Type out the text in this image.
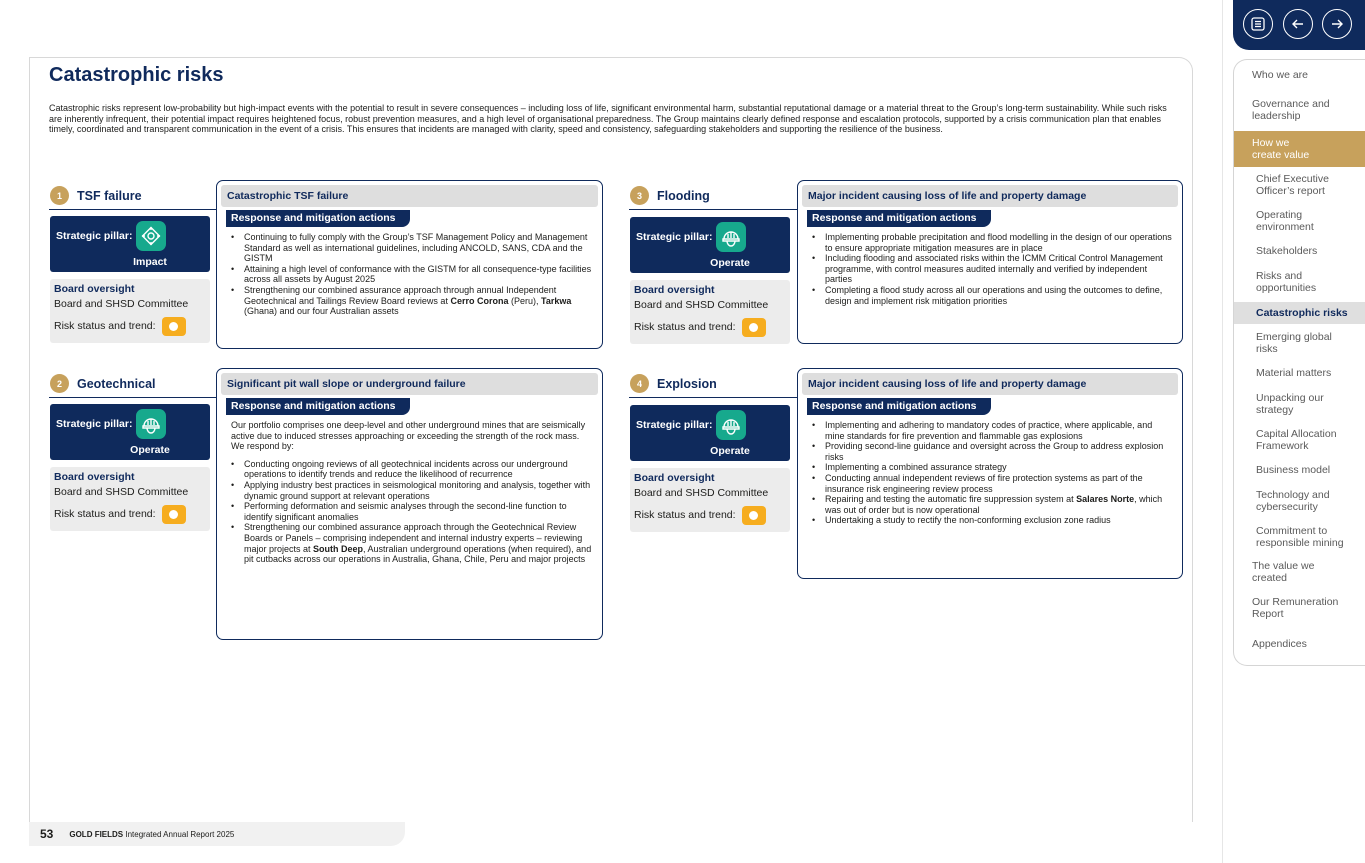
Catastrophic risks
Catastrophic risks represent low-probability but high-impact events with the potential to result in severe consequences – including loss of life, significant environmental harm, substantial reputational damage or a material threat to the Group’s long-term sustainability. While such risks are inherently infrequent, their potential impact requires heightened focus, robust prevention measures, and a high level of organisational preparedness. The Group maintains clearly defined response and escalation protocols, supported by a crisis communication plan that enables timely, coordinated and transparent communication in the event of a crisis. This ensures that incidents are managed with clarity, speed and consistency, safeguarding stakeholders and supporting the resilience of the business.
1	TSF failure
Strategic pillar:
Impact
Board oversight
Board and SHSD Committee
Risk status and trend:
Catastrophic TSF failure
Response and mitigation actions
• Continuing to fully comply with the Group’s TSF Management Policy and Management Standard as well as international guidelines, including ANCOLD, SANS, CDA and the GISTM
• Attaining a high level of conformance with the GISTM for all consequence-type facilities across all assets by August 2025
• Strengthening our combined assurance approach through annual Independent Geotechnical and Tailings Review Board reviews at Cerro Corona (Peru), Tarkwa (Ghana) and our four Australian assets
2	Geotechnical
Strategic pillar:
Operate
Board oversight
Board and SHSD Committee
Risk status and trend:
Significant pit wall slope or underground failure
Response and mitigation actions

Our portfolio comprises one deep-level and other underground mines that are seismically active due to induced stresses approaching or exceeding the strength of the rock mass. We respond by:

• Conducting ongoing reviews of all geotechnical incidents across our underground operations to identify trends and reduce the likelihood of recurrence
• Applying industry best practices in seismological monitoring and analysis, together with dynamic ground support at relevant operations
• Performing deformation and seismic analyses through the second-line function to identify significant anomalies
• Strengthening our combined assurance approach through the Geotechnical Review Boards or Panels – comprising independent and internal industry experts – reviewing major projects at South Deep, Australian underground operations (when required), and pit cutbacks across our operations in Australia, Ghana, Chile, Peru and major projects
3	Flooding
Strategic pillar:
Operate
Board oversight
Board and SHSD Committee
Risk status and trend:
Major incident causing loss of life and property damage
Response and mitigation actions
• Implementing probable precipitation and flood modelling in the design of our operations to ensure appropriate mitigation measures are in place
• Including flooding and associated risks within the ICMM Critical Control Management programme, with control measures audited internally and verified by independent parties
• Completing a flood study across all our operations and using the outcomes to define, design and implement risk mitigation priorities
4	Explosion
Strategic pillar:
Operate
Board oversight
Board and SHSD Committee
Risk status and trend:
Major incident causing loss of life and property damage
Response and mitigation actions
• Implementing and adhering to mandatory codes of practice, where applicable, and mine standards for fire prevention and flammable gas explosions
• Providing second-line guidance and oversight across the Group to address explosion risks
• Implementing a combined assurance strategy
• Conducting annual independent reviews of fire protection systems as part of the insurance risk engineering review process
• Repairing and testing the automatic fire suppression system at Salares Norte, which was out of order but is now operational
• Undertaking a study to rectify the non-conforming exclusion zone radius
53 GOLD FIELDS
Integrated Annual Report 2025
Who we are
Governance and leadership
How we create value
Chief Executive Officer’s report
Operating environment
Stakeholders
Risks and opportunities
Catastrophic risks
Emerging global risks
Material matters
Unpacking our strategy
Capital Allocation Framework
Business model
Technology and cybersecurity
Commitment to responsible mining
The value we created
Our Remuneration Report
Appendices
